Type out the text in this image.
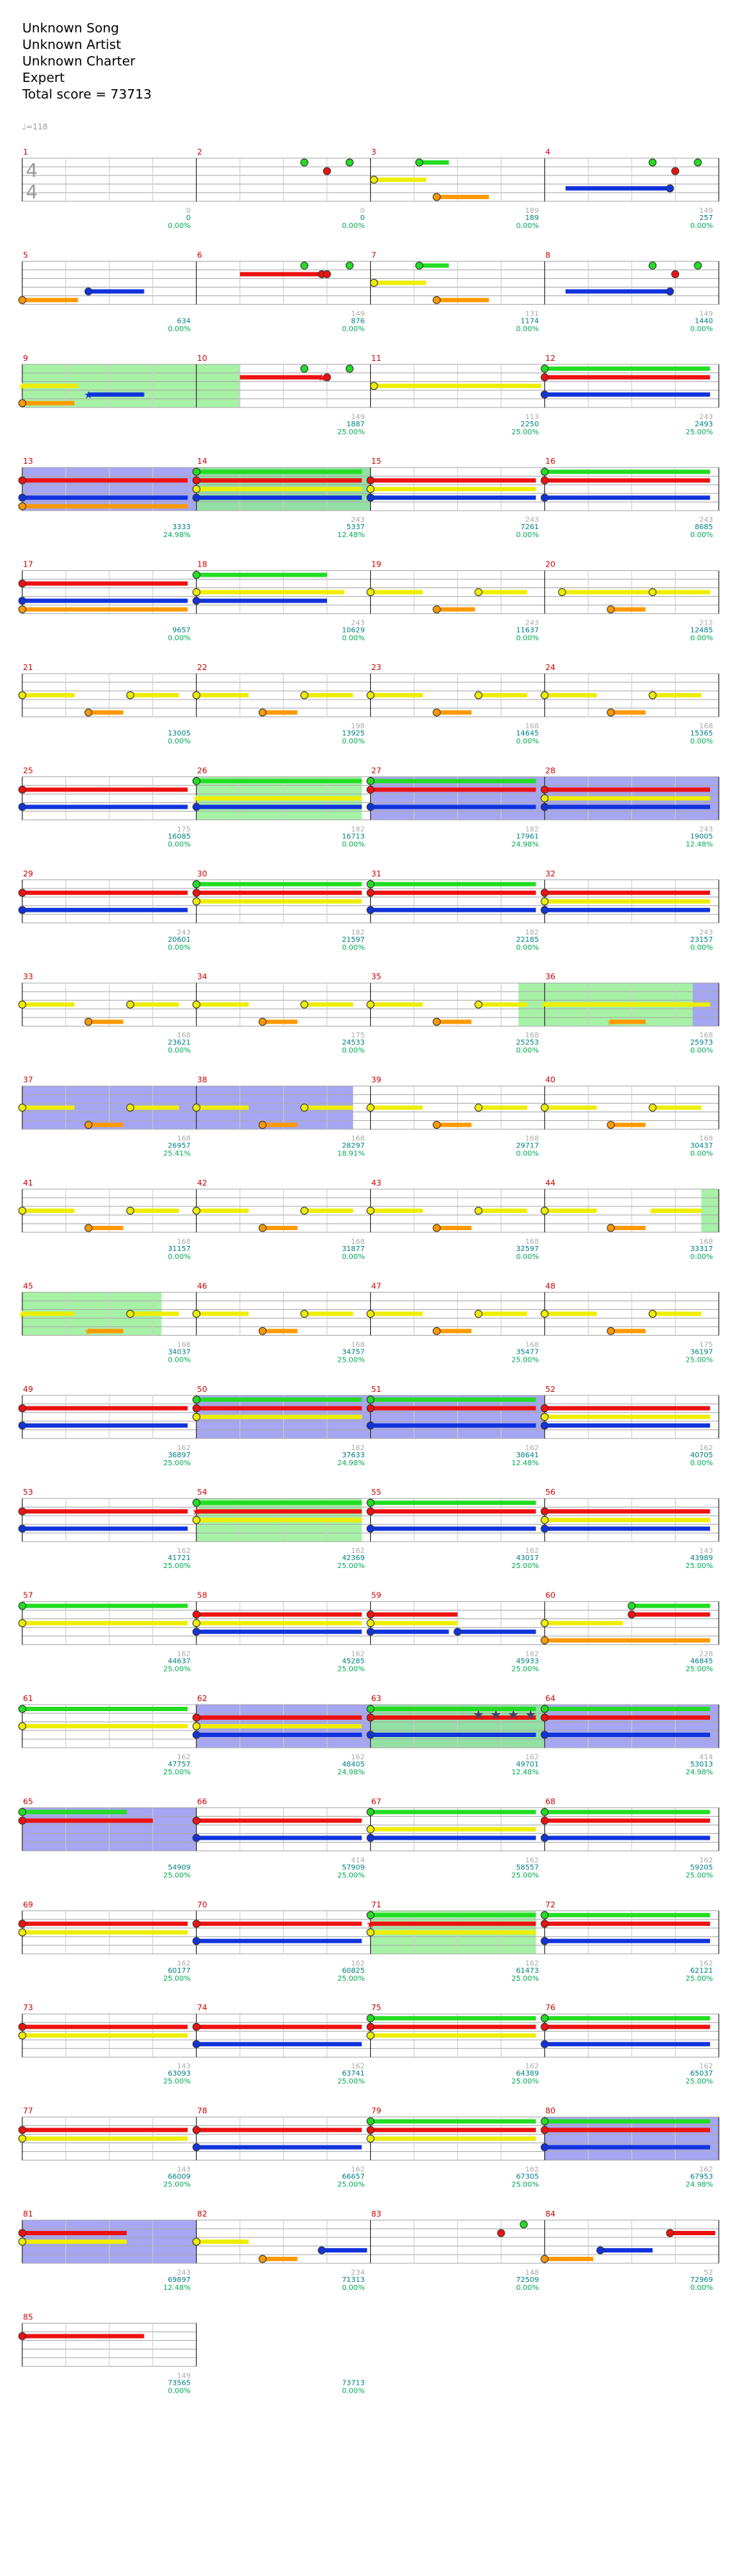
Unknown Song
Unknown Artist
Unknown Charter
Expert
Total score = 73713
♩=118
4
4
1
0
0
0.00%
2
0
0
0.00%
3
189
189
0.00%
4
149
257
0.00%
5
634
0.00%
6
149
876
0.00%
7
131
1174
0.00%
8
149
1440
0.00%
9
★
★
10
149
1887
25.00%
★
11
113
2250
25.00%
12
243
2493
25.00%
13
3333
24.98%
14
243
5337
12.48%
15
243
7261
0.00%
16
243
8685
0.00%
17
9657
0.00%
18
243
10629
0.00%
19
243
11637
0.00%
20
212
12485
0.00%
21
13005
0.00%
22
198
13925
0.00%
23
168
14645
0.00%
24
168
15365
0.00%
25
175
16085
0.00%
26
182
16713
0.00%
★
27
182
17961
24.98%
28
243
19005
12.48%
29
243
20601
0.00%
30
182
21597
0.00%
31
182
22185
0.00%
32
243
23157
0.00%
33
168
23621
0.00%
34
175
24533
0.00%
35
168
25253
0.00%
36
168
25973
0.00%
★
★
37
168
26957
25.41%
38
168
28297
18.91%
39
168
29717
0.00%
40
168
30437
0.00%
41
168
31157
0.00%
42
168
31877
0.00%
43
168
32597
0.00%
44
168
33317
0.00%
★
45
168
34037
0.00%
★
★
46
168
34757
25.00%
47
168
35477
25.00%
48
175
36197
25.00%
49
162
36897
25.00%
50
162
37633
24.98%
51
162
38641
12.48%
52
162
40705
0.00%
53
162
41721
25.00%
54
162
42369
25.00%
★
55
162
43017
25.00%
56
143
43989
25.00%
57
162
44637
25.00%
58
162
45285
25.00%
59
162
45933
25.00%
60
228
46845
25.00%
61
162
47757
25.00%
62
162
48405
24.98%
63
162
49701
12.48%
★ ★ ★ ★
64
414
53013
24.98%
65
54909
25.00%
66
414
57909
25.00%
67
162
58557
25.00%
68
162
59205
25.00%
69
162
60177
25.00%
70
162
60825
25.00%
71
162
61473
25.00%
★
72
162
62121
25.00%
73
143
63093
25.00%
74
162
63741
25.00%
75
162
64389
25.00%
76
162
65037
25.00%
77
143
66009
25.00%
78
162
66657
25.00%
79
162
67305
25.00%
80
162
67953
24.98%
81
243
69897
12.48%
82
234
71313
0.00%
83
148
72509
0.00%
84
52
72969
0.00%
85
149
73565
0.00%
73713
0.00%
